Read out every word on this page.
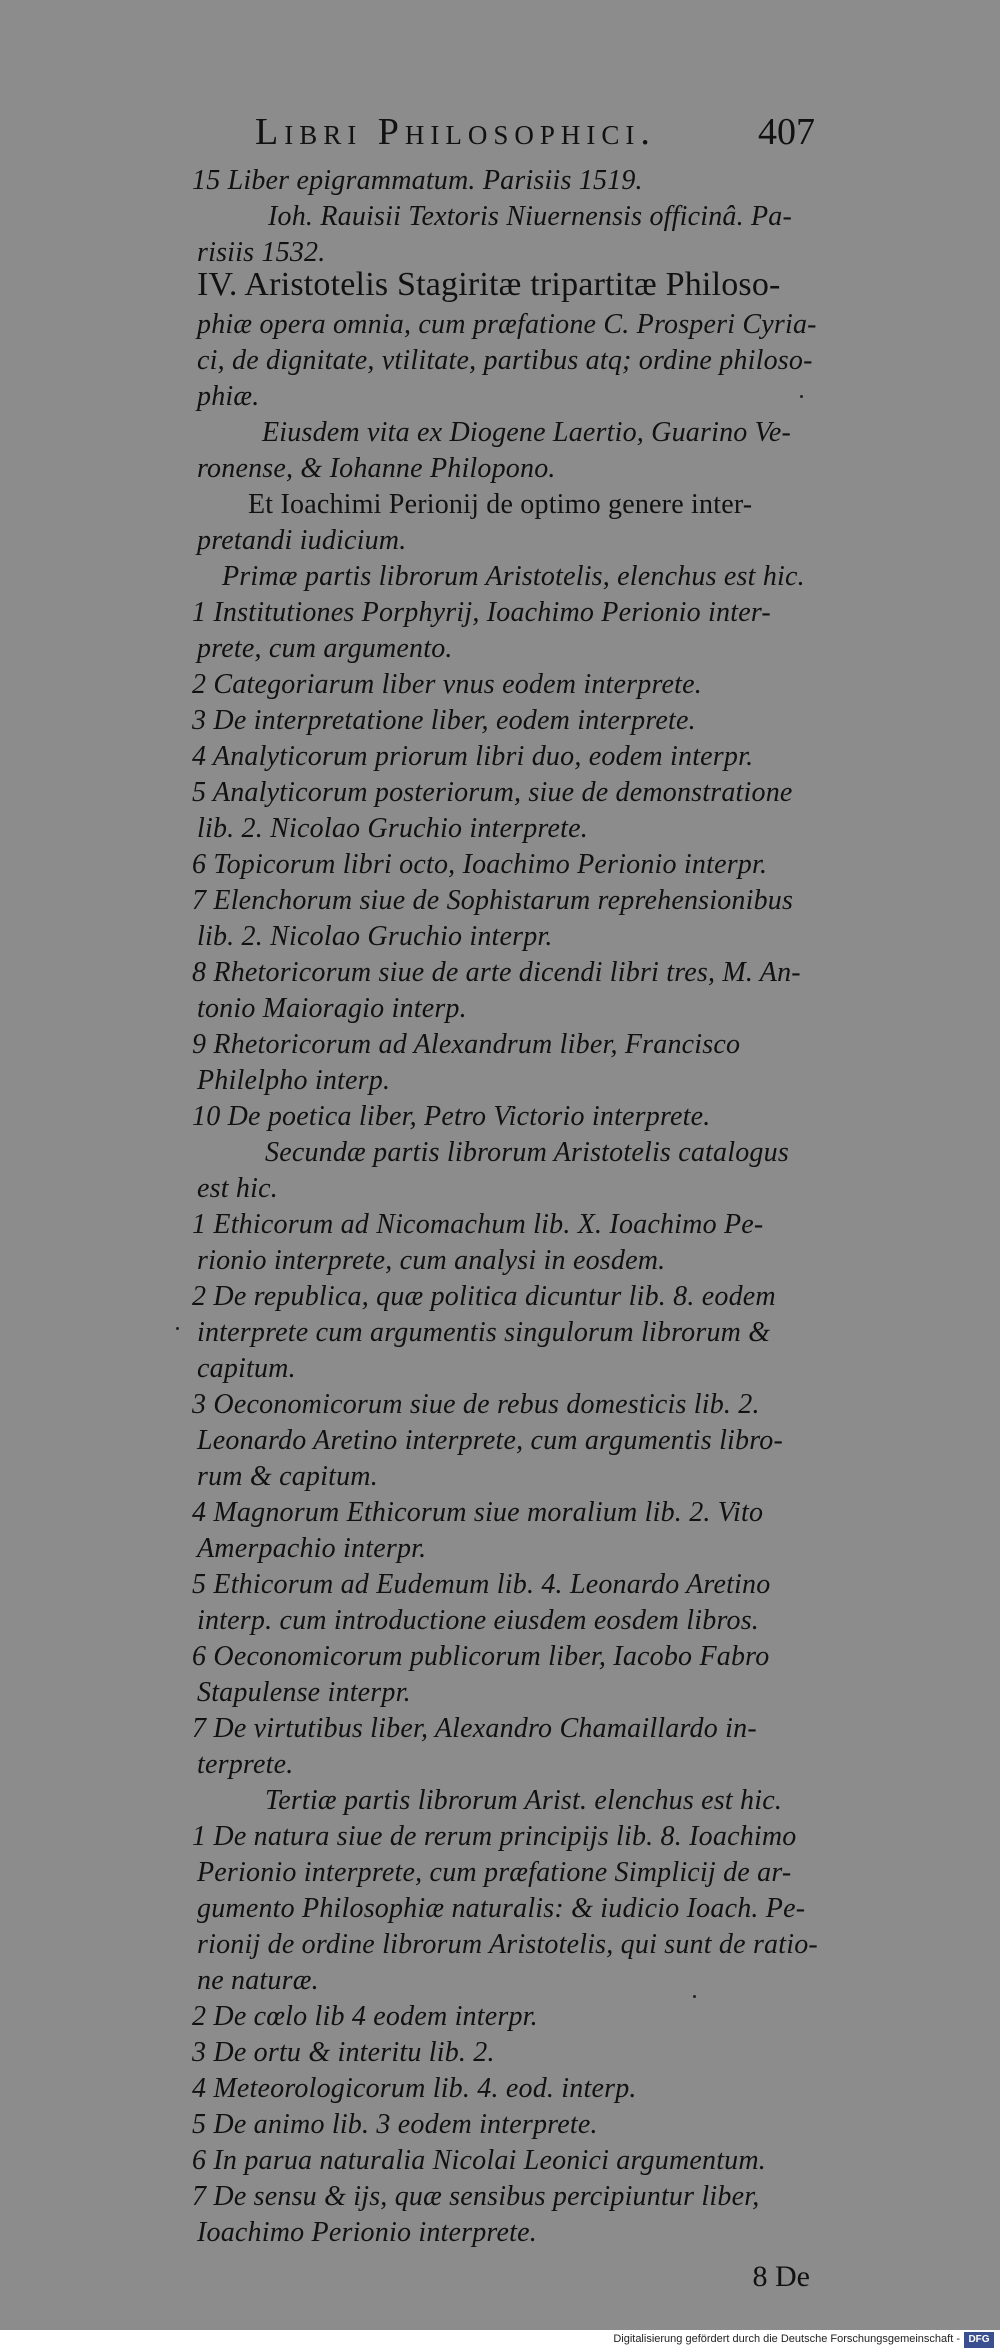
Libri Philosophici.	407
15 Liber epigrammatum. Parisiis 1519.
Ioh. Rauisii Textoris Niuernensis officinâ. Pa-
risiis 1532.
IV. Aristotelis Stagiritæ tripartitæ Philoso-
phiæ opera omnia, cum præfatione C. Prosperi Cyria-
ci, de dignitate, vtilitate, partibus atq; ordine philoso-
phiæ.
Eiusdem vita ex Diogene Laertio, Guarino Ve-
ronense, & Iohanne Philopono.
Et Ioachimi Perionij de optimo genere inter-
pretandi iudicium.
Primæ partis librorum Aristotelis, elenchus est hic.
1 Institutiones Porphyrij, Ioachimo Perionio inter-
prete, cum argumento.
2 Categoriarum liber vnus eodem interprete.
3 De interpretatione liber, eodem interprete.
4 Analyticorum priorum libri duo, eodem interpr.
5 Analyticorum posteriorum, siue de demonstratione
lib. 2. Nicolao Gruchio interprete.
6 Topicorum libri octo, Ioachimo Perionio interpr.
7 Elenchorum siue de Sophistarum reprehensionibus
lib. 2. Nicolao Gruchio interpr.
8 Rhetoricorum siue de arte dicendi libri tres, M. An-
tonio Maioragio interp.
9 Rhetoricorum ad Alexandrum liber, Francisco
Philelpho interp.
10 De poetica liber, Petro Victorio interprete.
Secundæ partis librorum Aristotelis catalogus
est hic.
1 Ethicorum ad Nicomachum lib. X. Ioachimo Pe-
rionio interprete, cum analysi in eosdem.
2 De republica, quæ politica dicuntur lib. 8. eodem
interprete cum argumentis singulorum librorum &
capitum.
3 Oeconomicorum siue de rebus domesticis lib. 2.
Leonardo Aretino interprete, cum argumentis libro-
rum & capitum.
4 Magnorum Ethicorum siue moralium lib. 2. Vito
Amerpachio interpr.
5 Ethicorum ad Eudemum lib. 4. Leonardo Aretino
interp. cum introductione eiusdem eosdem libros.
6 Oeconomicorum publicorum liber, Iacobo Fabro
Stapulense interpr.
7 De virtutibus liber, Alexandro Chamaillardo in-
terprete.
Tertiæ partis librorum Arist. elenchus est hic.
1 De natura siue de rerum principijs lib. 8. Ioachimo
Perionio interprete, cum præfatione Simplicij de ar-
gumento Philosophiæ naturalis: & iudicio Ioach. Pe-
rionij de ordine librorum Aristotelis, qui sunt de ratio-
ne naturæ.
2 De cœlo lib 4 eodem interpr.
3 De ortu & interitu lib. 2.
4 Meteorologicorum lib. 4. eod. interp.
5 De animo lib. 3 eodem interprete.
6 In parua naturalia Nicolai Leonici argumentum.
7 De sensu & ijs, quæ sensibus percipiuntur liber,
Ioachimo Perionio interprete.
8 De
Digitalisierung gefördert durch die Deutsche Forschungsgemeinschaft - DFG
